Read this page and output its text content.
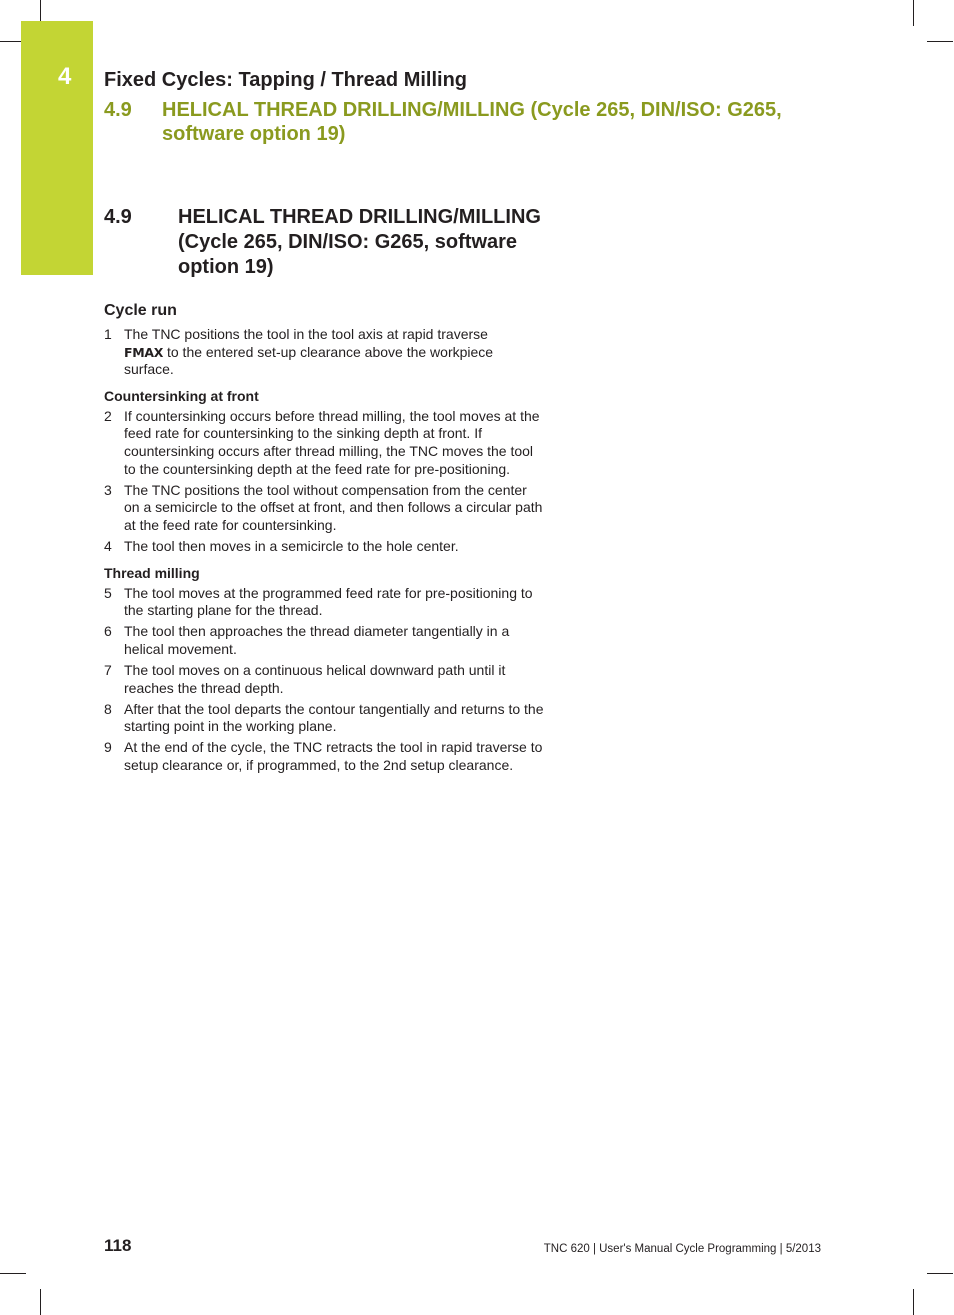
4 Fixed Cycles: Tapping / Thread Milling
4.9 HELICAL THREAD DRILLING/MILLING (Cycle 265, DIN/ISO: G265, software option 19)
4.9 HELICAL THREAD DRILLING/MILLING (Cycle 265, DIN/ISO: G265, software option 19)
Cycle run
1 The TNC positions the tool in the tool axis at rapid traverse
FMAX to the entered set-up clearance above the workpiece surface.
Countersinking at front
2 If countersinking occurs before thread milling, the tool moves at the feed rate for countersinking to the sinking depth at front. If countersinking occurs after thread milling, the TNC moves the tool to the countersinking depth at the feed rate for pre-positioning.
3 The TNC positions the tool without compensation from the center on a semicircle to the offset at front, and then follows a circular path at the feed rate for countersinking.
4 The tool then moves in a semicircle to the hole center.
Thread milling
5 The tool moves at the programmed feed rate for pre-positioning to the starting plane for the thread.
6 The tool then approaches the thread diameter tangentially in a helical movement.
7 The tool moves on a continuous helical downward path until it reaches the thread depth.
8 After that the tool departs the contour tangentially and returns to the starting point in the working plane.
9 At the end of the cycle, the TNC retracts the tool in rapid traverse to setup clearance or, if programmed, to the 2nd setup clearance.
118	TNC 620 | User's Manual Cycle Programming | 5/2013
